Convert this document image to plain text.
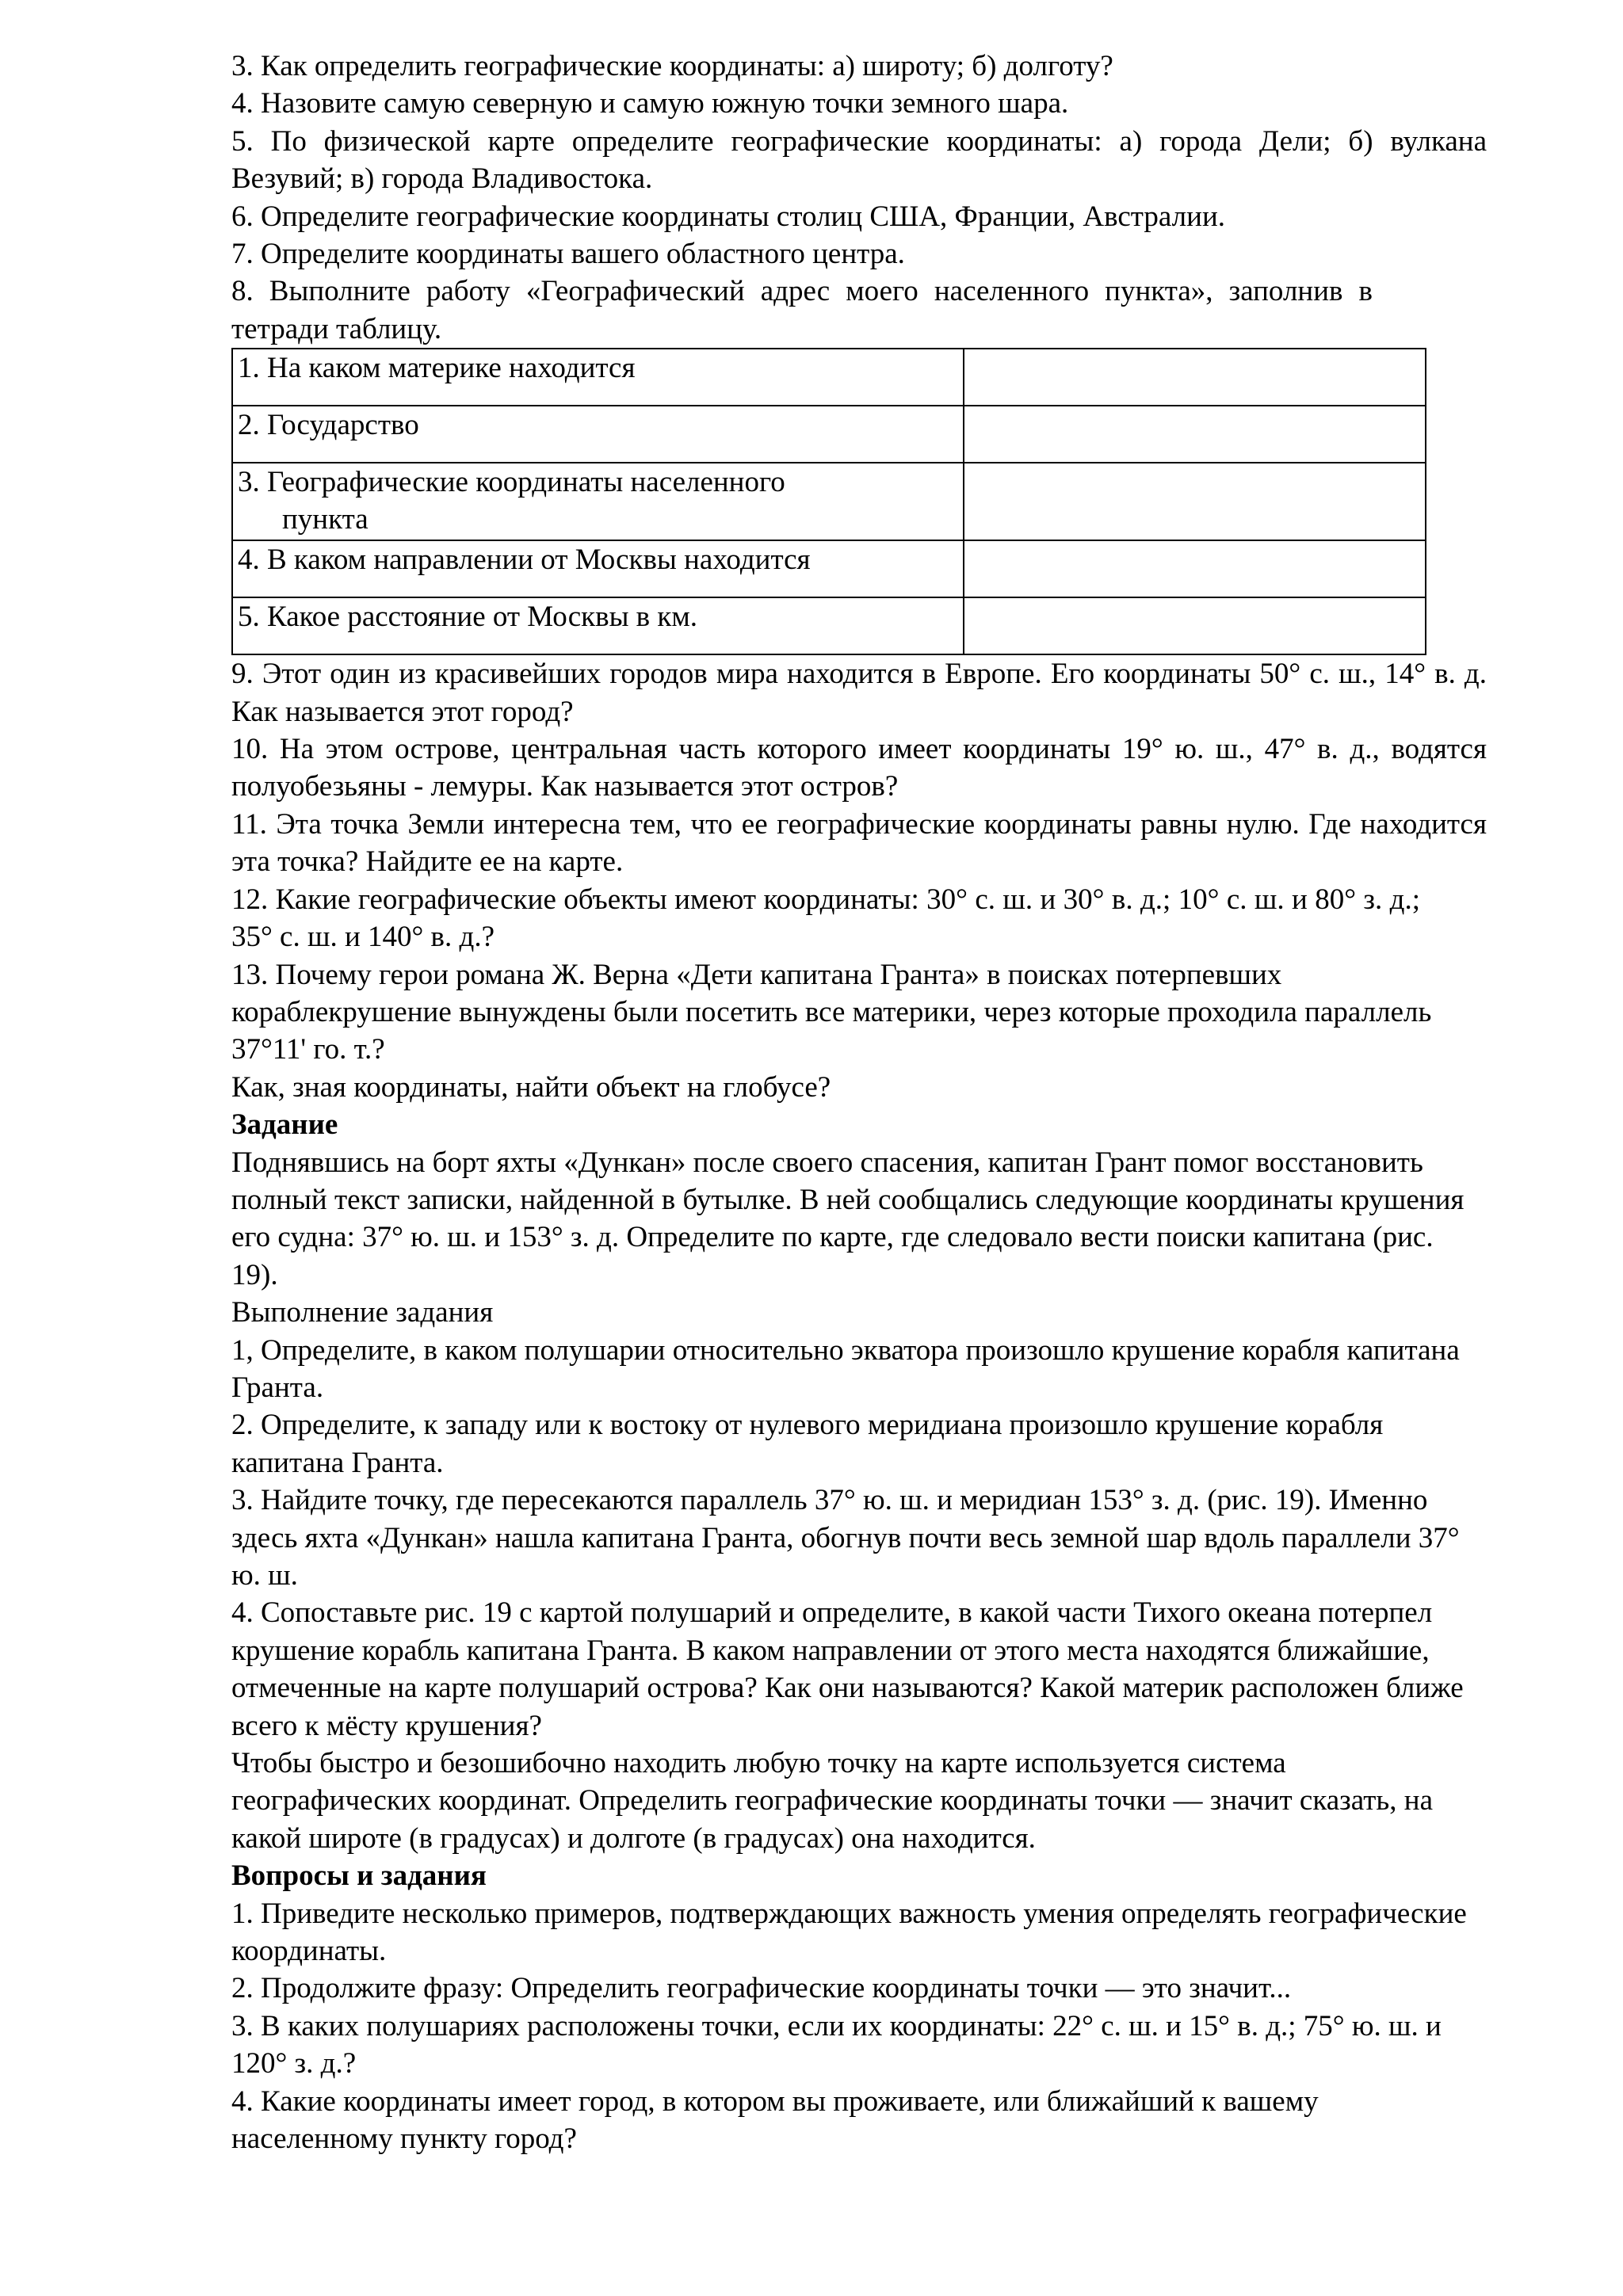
3. Как определить географические координаты: а) широту; б) долготу?

4. Назовите самую северную и самую южную точки земного шара.

5. По физической карте определите географические координаты: а) города Дели; б) вулкана Везувий; в) города Владивостока.

6. Определите географические координаты столиц США, Франции, Австралии.

7. Определите координаты вашего областного центра.

8. Выполните работу «Географический адрес моего населенного пункта», заполнив в тетради таблицу.

1. На каком материке находится	
2. Государство	

3. Географические координаты населенного
пункта	

4. В каком направлении от Москвы находится	
5. Какое расстояние от Москвы в км.	

9. Этот один из красивейших городов мира находится в Европе. Его координаты 50° с. ш., 14° в. д. Как называется этот город?

10. На этом острове, центральная часть которого имеет координаты 19° ю. ш., 47° в. д., водятся полуобезьяны - лемуры. Как называется этот остров?

11. Эта точка Земли интересна тем, что ее географические координаты равны нулю. Где находится эта точка? Найдите ее на карте.

12. Какие географические объекты имеют координаты: 30° с. ш. и 30° в. д.; 10° с. ш. и 80° з. д.; 35° с. ш. и 140° в. д.?

13. Почему герои романа Ж. Верна «Дети капитана Гранта» в поисках потерпевших кораблекрушение вынуждены были посетить все материки, через которые проходила параллель 37°11' го. т.?

Как, зная координаты, найти объект на глобусе?

Задание

Поднявшись на борт яхты «Дункан» после своего спасения, капитан Грант помог восстановить полный текст записки, найденной в бутылке. В ней сообщались следующие координаты крушения его судна: 37° ю. ш. и 153° з. д. Определите по карте, где следовало вести поиски капитана (рис. 19).

Выполнение задания

1, Определите, в каком полушарии относительно экватора произошло крушение корабля капитана Гранта.

2. Определите, к западу или к востоку от нулевого меридиана произошло крушение корабля капитана Гранта.

3. Найдите точку, где пересекаются параллель 37° ю. ш. и меридиан 153° з. д. (рис. 19). Именно здесь яхта «Дункан» нашла капитана Гранта, обогнув почти весь земной шар вдоль параллели 37° ю. ш.

4. Сопоставьте рис. 19 с картой полушарий и определите, в какой части Тихого океана потерпел крушение корабль капитана Гранта. В каком направлении от этого места находятся ближайшие, отмеченные на карте полушарий острова? Как они называются? Какой материк расположен ближе всего к мёсту крушения?

Чтобы быстро и безошибочно находить любую точку на карте используется система географических координат. Определить географические координаты точки — значит сказать, на какой широте (в градусах) и долготе (в градусах) она находится.

Вопросы и задания

1. Приведите несколько примеров, подтверждающих важность умения определять географические координаты.

2. Продолжите фразу: Определить географические координаты точки — это значит...

3. В каких полушариях расположены точки, если их координаты: 22° с. ш. и 15° в. д.; 75° ю. ш. и 120° з. д.?

4. Какие координаты имеет город, в котором вы проживаете, или ближайший к вашему населенному пункту город?
